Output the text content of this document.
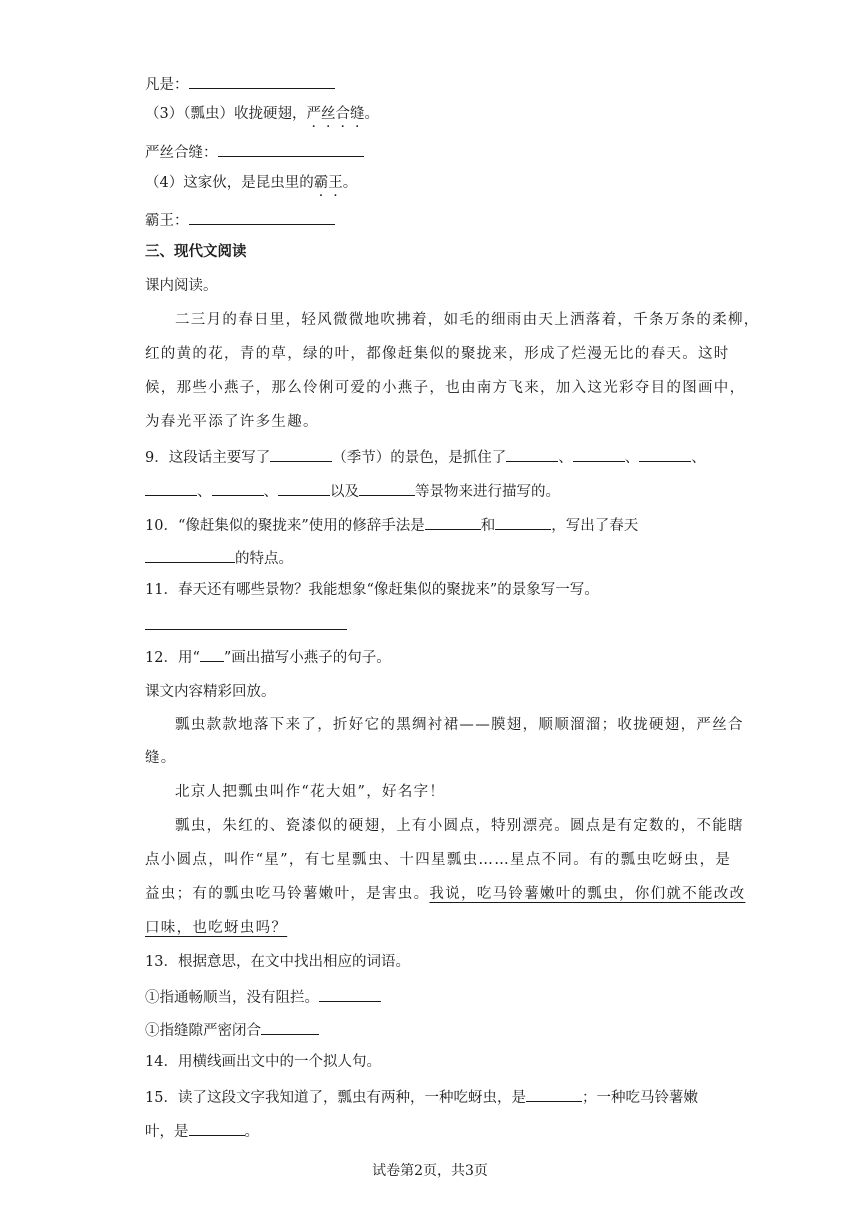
凡是：
（3）（瓢虫）收拢硬翅，严丝合缝。
严丝合缝：
（4）这家伙，是昆虫里的霸王。
霸王：
三、现代文阅读
课内阅读。
二三月的春日里，轻风微微地吹拂着，如毛的细雨由天上洒落着，千条万条的柔柳，
红的黄的花，青的草，绿的叶，都像赶集似的聚拢来，形成了烂漫无比的春天。这时
候，那些小燕子，那么伶俐可爱的小燕子，也由南方飞来，加入这光彩夺目的图画中，
为春光平添了许多生趣。
9．这段话主要写了	（季节）的景色，是抓住了	、	、	、
、	、	以及	等景物来进行描写的。
10．“像赶集似的聚拢来”使用的修辞手法是	和	，写出了春天
的特点。
11．春天还有哪些景物？我能想象“像赶集似的聚拢来”的景象写一写。
12．用“ ”画出描写小燕子的句子。
课文内容精彩回放。
瓢虫款款地落下来了，折好它的黑绸衬裙——膜翅，顺顺溜溜；收拢硬翅，严丝合
缝。
北京人把瓢虫叫作“花大姐”，好名字！
瓢虫，朱红的、瓷漆似的硬翅，上有小圆点，特别漂亮。圆点是有定数的，不能瞎
点小圆点，叫作“星”，有七星瓢虫、十四星瓢虫……星点不同。有的瓢虫吃蚜虫，是
益虫；有的瓢虫吃马铃薯嫩叶，是害虫。我说，吃马铃薯嫩叶的瓢虫，你们就不能改改
口味，也吃蚜虫吗？
13．根据意思，在文中找出相应的词语。
①指通畅顺当，没有阻拦。
①指缝隙严密闭合
14．用横线画出文中的一个拟人句。
15．读了这段文字我知道了，瓢虫有两种，一种吃蚜虫，是	；一种吃马铃薯嫩
叶，是	。
试卷第2页，共3页
